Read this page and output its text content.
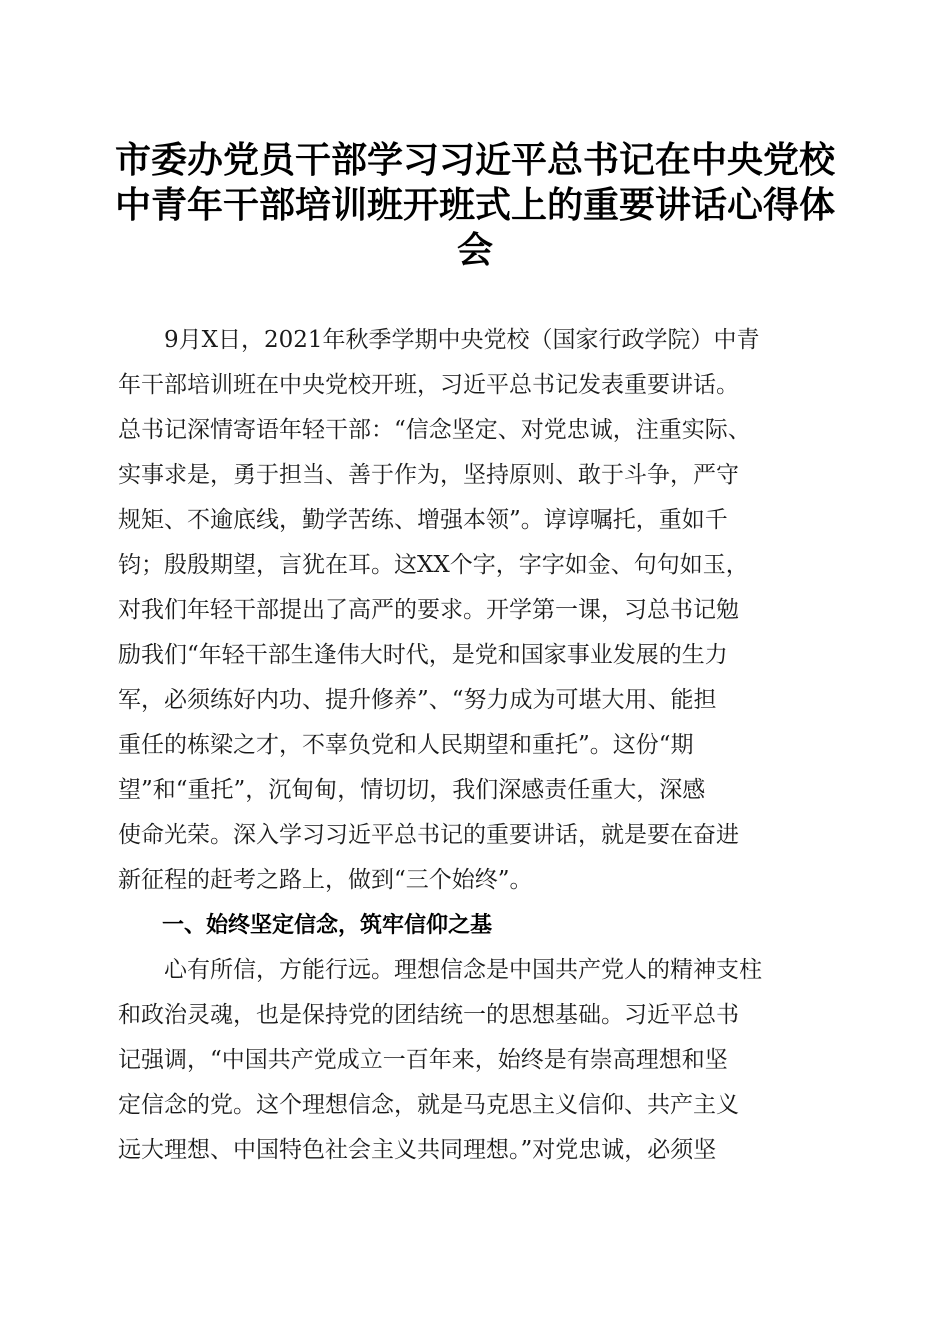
市委办党员干部学习习近平总书记在中央党校
中青年干部培训班开班式上的重要讲话心得体
会
　　9月X日，2021年秋季学期中央党校（国家行政学院）中青
年干部培训班在中央党校开班，习近平总书记发表重要讲话。
总书记深情寄语年轻干部：“信念坚定、对党忠诚，注重实际、
实事求是，勇于担当、善于作为，坚持原则、敢于斗争，严守
规矩、不逾底线，勤学苦练、增强本领”。谆谆嘱托，重如千
钧；殷殷期望，言犹在耳。这XX个字，字字如金、句句如玉，
对我们年轻干部提出了高严的要求。开学第一课，习总书记勉
励我们“年轻干部生逢伟大时代，是党和国家事业发展的生力
军，必须练好内功、提升修养”、“努力成为可堪大用、能担
重任的栋梁之才，不辜负党和人民期望和重托”。这份“期
望”和“重托”，沉甸甸，情切切，我们深感责任重大，深感
使命光荣。深入学习习近平总书记的重要讲话，就是要在奋进
新征程的赶考之路上，做到“三个始终”。
　　一、始终坚定信念，筑牢信仰之基
　　心有所信，方能行远。理想信念是中国共产党人的精神支柱
和政治灵魂，也是保持党的团结统一的思想基础。习近平总书
记强调，“中国共产党成立一百年来，始终是有崇高理想和坚
定信念的党。这个理想信念，就是马克思主义信仰、共产主义
远大理想、中国特色社会主义共同理想。”对党忠诚，必须坚
